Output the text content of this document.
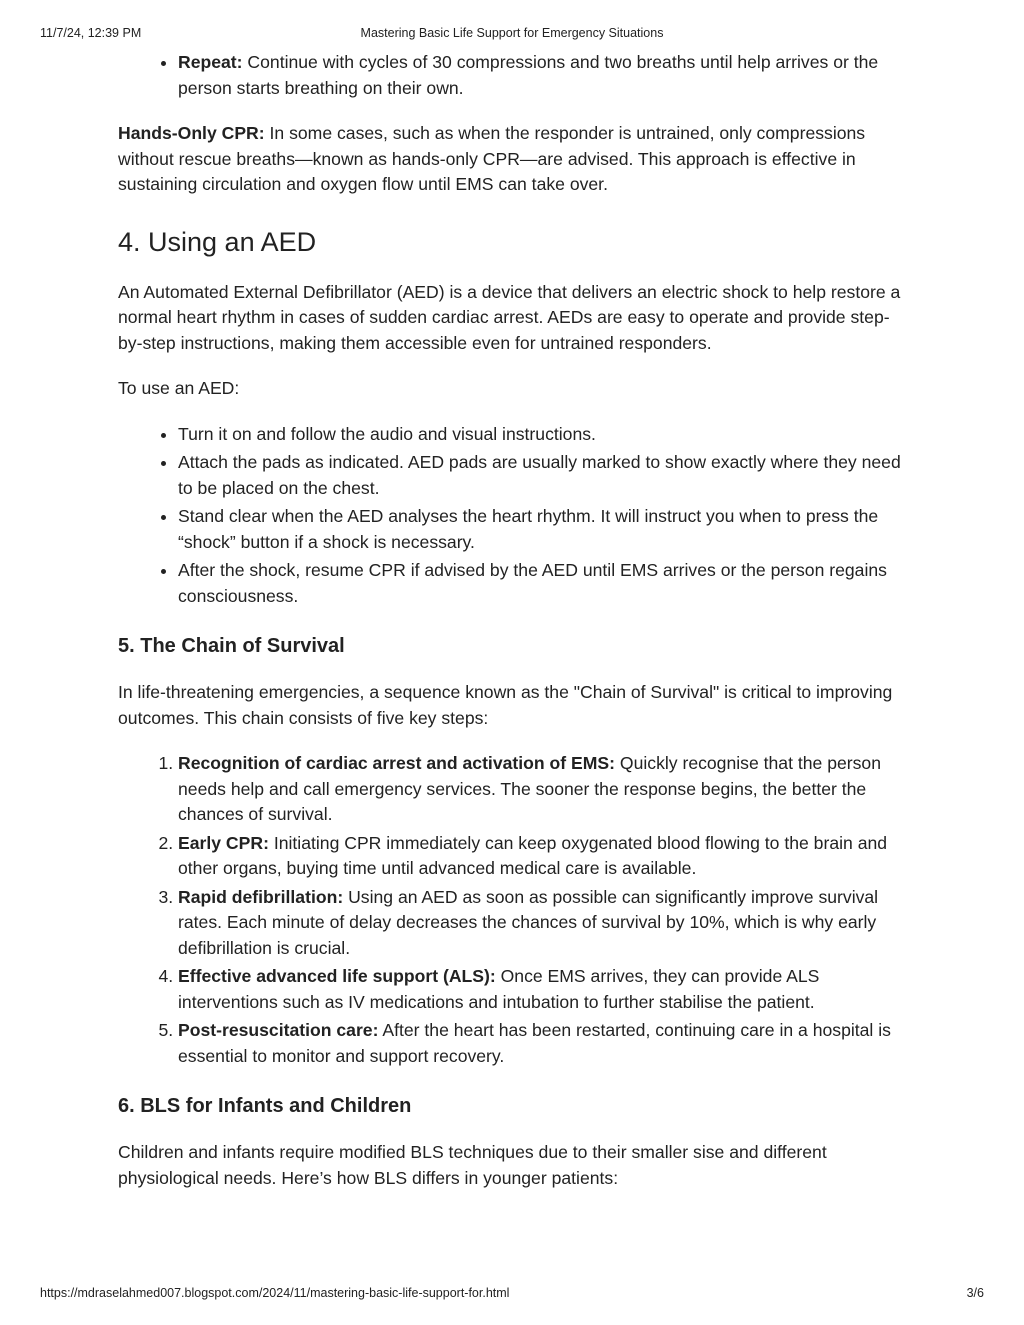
11/7/24, 12:39 PM	Mastering Basic Life Support for Emergency Situations
• Repeat: Continue with cycles of 30 compressions and two breaths until help arrives or the person starts breathing on their own.

Hands-Only CPR: In some cases, such as when the responder is untrained, only compressions without rescue breaths—known as hands-only CPR—are advised. This approach is effective in sustaining circulation and oxygen flow until EMS can take over.

4. Using an AED

An Automated External Defibrillator (AED) is a device that delivers an electric shock to help restore a normal heart rhythm in cases of sudden cardiac arrest. AEDs are easy to operate and provide step-by-step instructions, making them accessible even for untrained responders.

To use an AED:

• Turn it on and follow the audio and visual instructions.
• Attach the pads as indicated. AED pads are usually marked to show exactly where they need to be placed on the chest.
• Stand clear when the AED analyses the heart rhythm. It will instruct you when to press the “shock” button if a shock is necessary.
• After the shock, resume CPR if advised by the AED until EMS arrives or the person regains consciousness.
5. The Chain of Survival

In life-threatening emergencies, a sequence known as the "Chain of Survival" is critical to improving outcomes. This chain consists of five key steps:

1. Recognition of cardiac arrest and activation of EMS: Quickly recognise that the person needs help and call emergency services. The sooner the response begins, the better the chances of survival.
2. Early CPR: Initiating CPR immediately can keep oxygenated blood flowing to the brain and other organs, buying time until advanced medical care is available.
3. Rapid defibrillation: Using an AED as soon as possible can significantly improve survival rates. Each minute of delay decreases the chances of survival by 10%, which is why early defibrillation is crucial.
4. Effective advanced life support (ALS): Once EMS arrives, they can provide ALS interventions such as IV medications and intubation to further stabilise the patient.
5. Post-resuscitation care: After the heart has been restarted, continuing care in a hospital is essential to monitor and support recovery.
6. BLS for Infants and Children

Children and infants require modified BLS techniques due to their smaller sise and different physiological needs. Here’s how BLS differs in younger patients:

https://mdraselahmed007.blogspot.com/2024/11/mastering-basic-life-support-for.html	3/6
